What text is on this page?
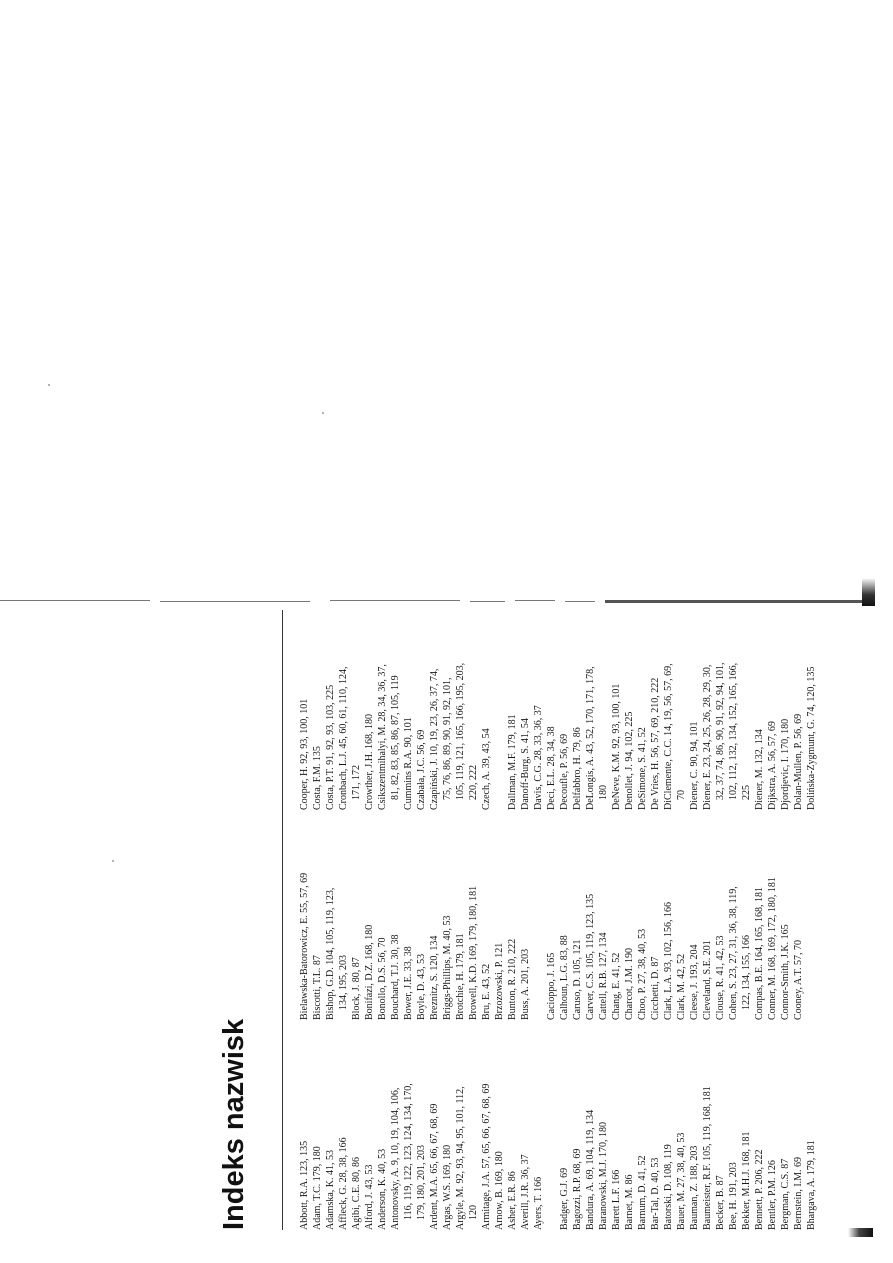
Indeks nazwisk	Abbott, R.A. 123, 135 Adam, T.C. 179, 180 Adamska, K. 41, 53 Affleck, G. 28, 38, 166 Agibi, C.E. 80, 86 Alford, J. 43, 53 Anderson, K. 40, 53 Antonovsky, A. 9, 10, 19, 104, 106, 116, 119, 122, 123, 124, 134, 170, 179, 180, 201, 203 Ardent, M.A. 65, 66, 67, 68, 69 Argas, W.S. 169, 180 Argyle, M. 92, 93, 94, 95, 101, 112, 120 Armitage, J.A. 57, 65, 66, 67, 68, 69 Arnow, B. 169, 180 Asher, E.R. 86 Averill, J.R. 36, 37 Ayers, T. 166 Badger, G.J. 69 Bagozzi, R.P. 68, 69 Bandura, A. 69, 104, 119, 134 Baranowski, M.J. 170, 180 Barett L.F. 166 Barnet, M. 86 Barnum, D. 41, 52 Bar-Tal, D. 40, 53 Batorski, D. 108, 119 Bauer, M. 27, 38, 40, 53 Bauman, Z. 188, 203 Baumeister, R.F. 105, 119, 168, 181 Becker, B. 87 Bee, H. 191, 203 Bekker, M.H.J. 168, 181 Bennett, P. 206, 222 Bentler, P.M. 126 Bergman, C.S. 87 Bernstein, I.M. 69 Bhargava, A. 179, 181
Bielawska-Batorowicz, E. 55, 57, 69 Biscotti, T.L. 87 Bishop, G.D. 104, 105, 119, 123, 134, 195, 203 Block, J. 80, 87 Bonifazi, D.Z. 168, 180 Bonollo, D.S. 56, 70 Bouchard, T.J. 30, 38 Bower, J.E. 33, 38 Boyle, D. 43, 53 Breznitz, S. 120, 134 Briggs-Phillips, M. 40, 53 Brotchie, H. 179, 181 Browell, K.D. 169, 179, 180, 181 Bru, E. 43, 52 Brzozowski, P. 121 Bunton, R. 210, 222 Buss, A. 201, 203 Cacioppo, J. 165 Calhoun, L.G. 83, 88 Caruso, D. 105, 121 Carver, C.S. 105, 119, 123, 135 Cattell, R.B. 127, 134 Chang, E. 41, 52 Charcot, J.M. 190 Choo, P. 27, 38, 40, 53 Cicchetti, D. 87 Clark, L.A. 93, 102, 156, 166 Clark, M. 42, 52 Cleese, J. 193, 204 Cleveland, S.E. 201 Clouse, R. 41, 42, 53 Cohen, S. 23, 27, 31, 36, 38, 119, 122, 134, 155, 166 Compas, B.E. 164, 165, 168, 181 Conner, M. 168, 169, 172, 180, 181 Connor-Smith, J.K. 165 Cooney, A.T. 57, 70
Cooper, H. 92, 93, 100, 101 Costa, F.M. 135 Costa, P.T. 91, 92, 93, 103, 225 Cronbach, L.J. 45, 60, 61, 110, 124, 171, 172 Crowther, J.H. 168, 180 Csikszentmihalyi, M. 28, 34, 36, 37, 81, 82, 83, 85, 86, 87, 105, 119 Cummins R.A. 90, 101 Czabała, J.C. 56, 69 Czapiński, J. 10, 19, 23, 26, 37, 74, 75, 76, 86, 89, 90, 91, 92, 101, 105, 119, 121, 165, 166, 195, 203, 220, 222 Czech, A. 39, 43, 54 Dallman, M.F. 179, 181 Danoff-Burg, S. 41, 54 Davis, C.G. 28, 33, 36, 37 Deci, E.L. 28, 34, 38 Decoufle, P. 56, 69 Delfabbro, H. 79, 86 DeLongis, A. 43, 52, 170, 171, 178, 180 DeNeve, K.M. 92, 93, 100, 101 Denollet, J. 94, 102, 225 DeSimone, S. 41, 52 De Vries, H. 56, 57, 69, 210, 222 DiClemente, C.C. 14, 19, 56, 57, 69, 70 Diener, C. 90, 94, 101 Diener, E. 23, 24, 25, 26, 28, 29, 30, 32, 37, 74, 86, 90, 91, 92, 94, 101, 102, 112, 132, 134, 152, 165, 166, 225 Diener, M. 132, 134 Dijkstra, A. 56, 57, 69 Djordjevic, I. 170, 180 Dolan-Mullen, P. 56, 69 Dolińska-Zygmunt, G. 74, 120, 135
